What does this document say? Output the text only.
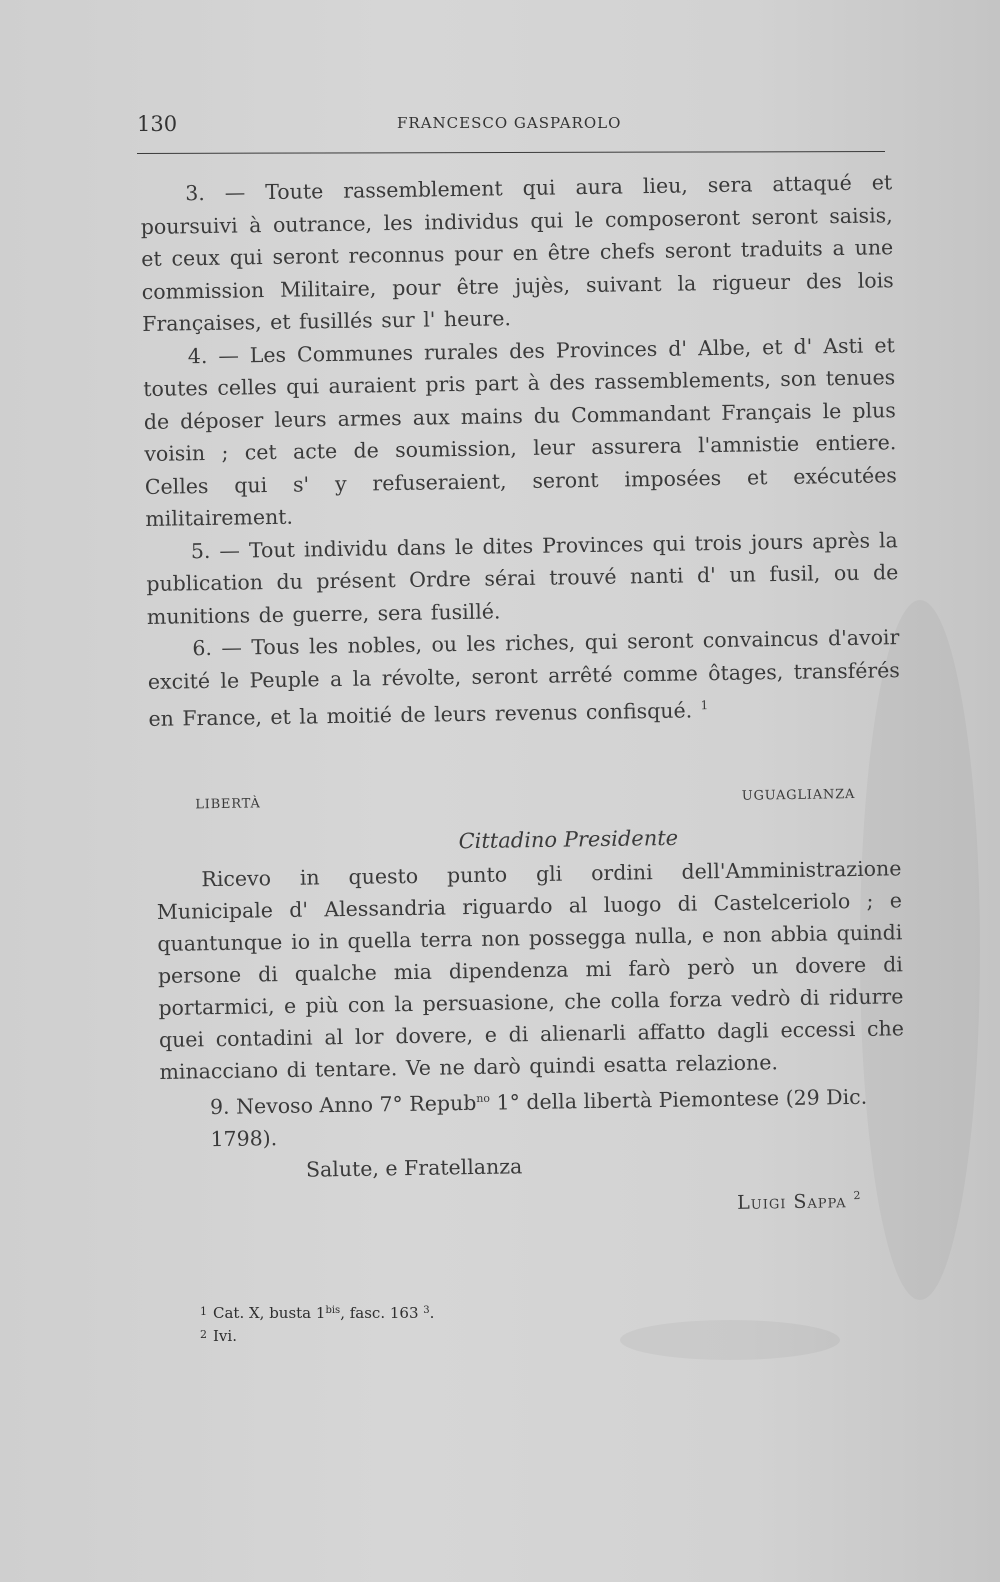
130	FRANCESCO GASPAROLO

3. — Toute rassemblement qui aura lieu, sera attaqué et poursuivi à outrance, les individus qui le composeront seront saisis, et ceux qui seront reconnus pour en être chefs seront traduits a une commission Militaire, pour être jujès, suivant la rigueur des lois Françaises, et fusillés sur l' heure.

4. — Les Communes rurales des Provinces d' Albe, et d' Asti et toutes celles qui auraient pris part à des rassemblements, son tenues de déposer leurs armes aux mains du Commandant Français le plus voisin ; cet acte de soumission, leur assurera l'amnistie entiere. Celles qui s' y refuseraient, seront imposées et exécutées militairement.

5. — Tout individu dans le dites Provinces qui trois jours après la publication du présent Ordre sérai trouvé nanti d' un fusil, ou de munitions de guerre, sera fusillé.

6. — Tous les nobles, ou les riches, qui seront convaincus d'avoir excité le Peuple a la révolte, seront arrêté comme ôtages, transférés en France, et la moitié de leurs revenus confisqué. $^1$

LIBERTÀ
UGUAGLIANZA
Cittadino Presidente

Ricevo in questo punto gli ordini dell'Amministrazione Municipale d' Alessandria riguardo al luogo di Castelceriolo ; e quantunque io in quella terra non possegga nulla, e non abbia quindi persone di qualche mia dipendenza mi farò però un dovere di portarmici, e più con la persuasione, che colla forza vedrò di ridurre quei contadini al lor dovere, e di alienarli affatto dagli eccessi che minacciano di tentare. Ve ne darò quindi esatta relazione.

9. Nevoso Anno 7° Repub$^{no}$ 1° della libertà Piemontese (29 Dic. 1798).
Salute, e Fratellanza
Luigi Sappa $^2$
$^1$ Cat. X, busta $1^{bis}$, fasc. 163 $^3$.
$^2$ Ivi.
